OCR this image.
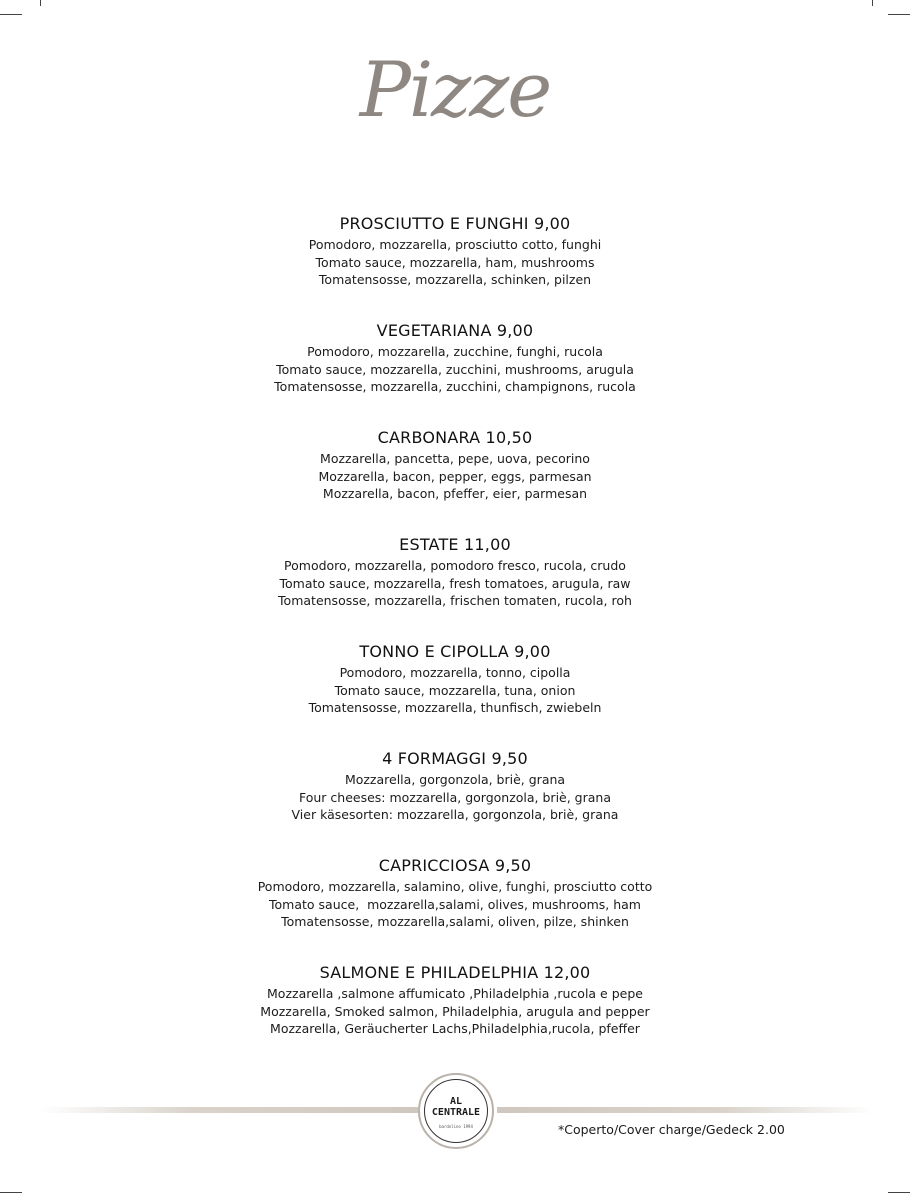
Pizze
PROSCIUTTO E FUNGHI 9,00
Pomodoro, mozzarella, prosciutto cotto, funghi
Tomato sauce, mozzarella, ham, mushrooms
Tomatensosse, mozzarella, schinken, pilzen
VEGETARIANA 9,00
Pomodoro, mozzarella, zucchine, funghi, rucola
Tomato sauce, mozzarella, zucchini, mushrooms, arugula
Tomatensosse, mozzarella, zucchini, champignons, rucola
CARBONARA 10,50
Mozzarella, pancetta, pepe, uova, pecorino
Mozzarella, bacon, pepper, eggs, parmesan
Mozzarella, bacon, pfeffer, eier, parmesan
ESTATE 11,00
Pomodoro, mozzarella, pomodoro fresco, rucola, crudo
Tomato sauce, mozzarella, fresh tomatoes, arugula, raw
Tomatensosse, mozzarella, frischen tomaten, rucola, roh
TONNO E CIPOLLA 9,00
Pomodoro, mozzarella, tonno, cipolla
Tomato sauce, mozzarella, tuna, onion
Tomatensosse, mozzarella, thunfisch, zwiebeln
4 FORMAGGI 9,50
Mozzarella, gorgonzola, briè, grana
Four cheeses: mozzarella, gorgonzola, briè, grana
Vier käsesorten: mozzarella, gorgonzola, briè, grana
CAPRICCIOSA 9,50
Pomodoro, mozzarella, salamino, olive, funghi, prosciutto cotto
Tomato sauce,  mozzarella,salami, olives, mushrooms, ham
Tomatensosse, mozzarella,salami, oliven, pilze, shinken
SALMONE E PHILADELPHIA 12,00
Mozzarella ,salmone affumicato ,Philadelphia ,rucola e pepe
Mozzarella, Smoked salmon, Philadelphia, arugula and pepper
Mozzarella, Geräucherter Lachs,Philadelphia,rucola, pfeffer
AL
CENTRALE
bardolino 1994	*Coperto/Cover charge/Gedeck 2.00
